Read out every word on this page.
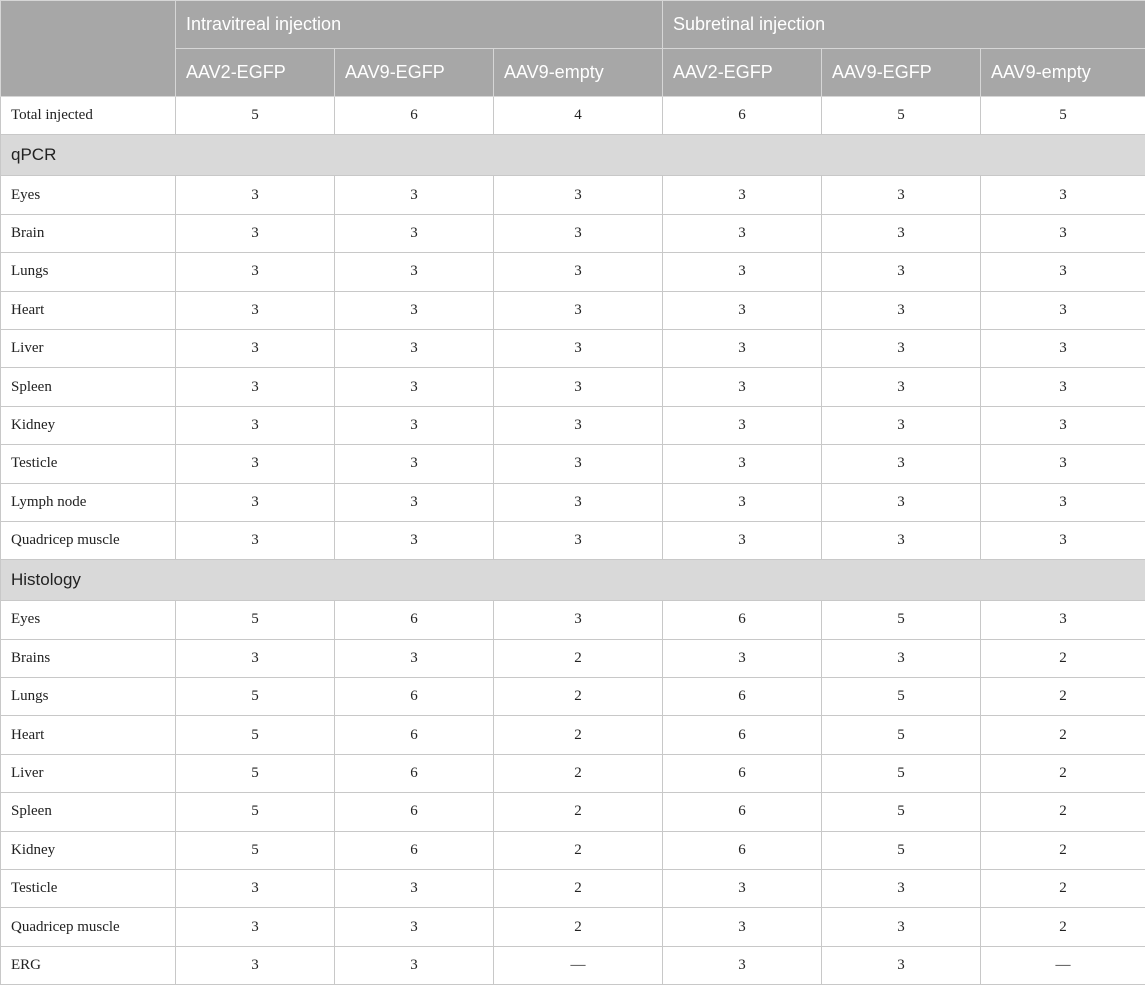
	Intravitreal injection			Subretinal injection		
	AAV2-EGFP	AAV9-EGFP	AAV9-empty	AAV2-EGFP	AAV9-EGFP	AAV9-empty
Total injected	5	6	4	6	5	5
qPCR						
Eyes	3	3	3	3	3	3
Brain	3	3	3	3	3	3
Lungs	3	3	3	3	3	3
Heart	3	3	3	3	3	3
Liver	3	3	3	3	3	3
Spleen	3	3	3	3	3	3
Kidney	3	3	3	3	3	3
Testicle	3	3	3	3	3	3
Lymph node	3	3	3	3	3	3
Quadricep muscle	3	3	3	3	3	3
Histology						
Eyes	5	6	3	6	5	3
Brains	3	3	2	3	3	2
Lungs	5	6	2	6	5	2
Heart	5	6	2	6	5	2
Liver	5	6	2	6	5	2
Spleen	5	6	2	6	5	2
Kidney	5	6	2	6	5	2
Testicle	3	3	2	3	3	2
Quadricep muscle	3	3	2	3	3	2
ERG	3	3	—	3	3	—
